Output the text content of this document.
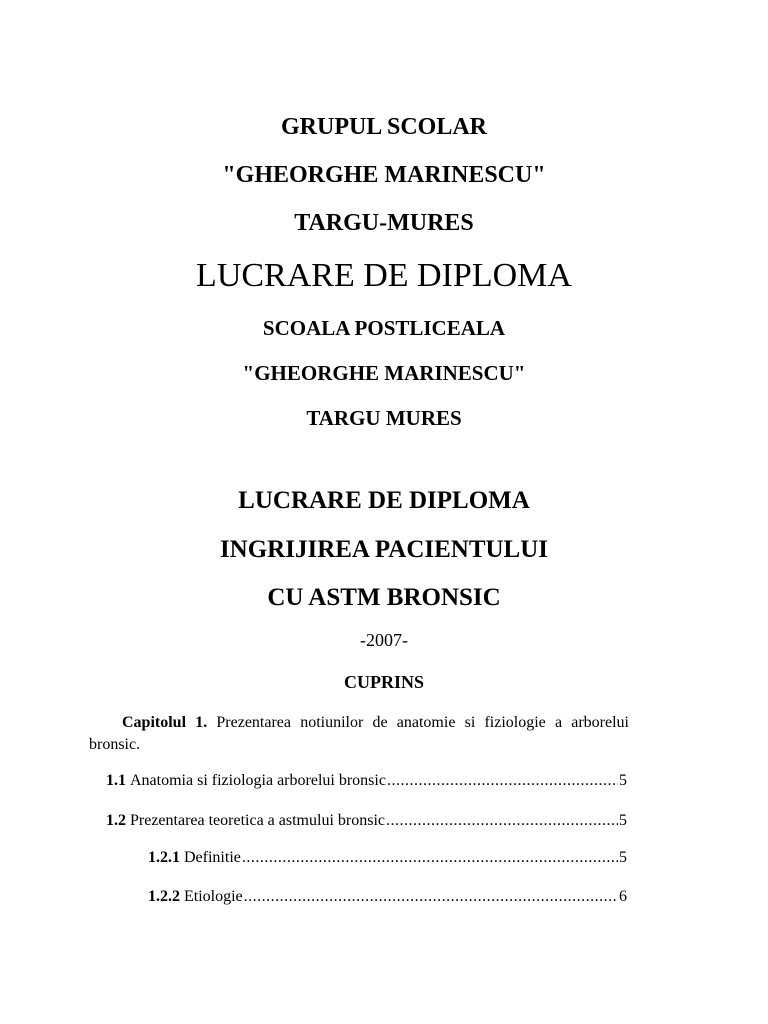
GRUPUL SCOLAR
"GHEORGHE MARINESCU"
TARGU-MURES
LUCRARE DE DIPLOMA
SCOALA POSTLICEALA
"GHEORGHE MARINESCU"
TARGU MURES
LUCRARE DE DIPLOMA
INGRIJIREA PACIENTULUI
CU ASTM BRONSIC
-2007-
CUPRINS
Capitolul 1. Prezentarea notiunilor de anatomie si fiziologie a arborelui bronsic.
1.1 Anatomia si fiziologia arborelui bronsic .....	5
1.2 Prezentarea teoretica a astmului bronsic .....	5
1.2.1 Definitie .....	5
1.2.2 Etiologie .....	6
